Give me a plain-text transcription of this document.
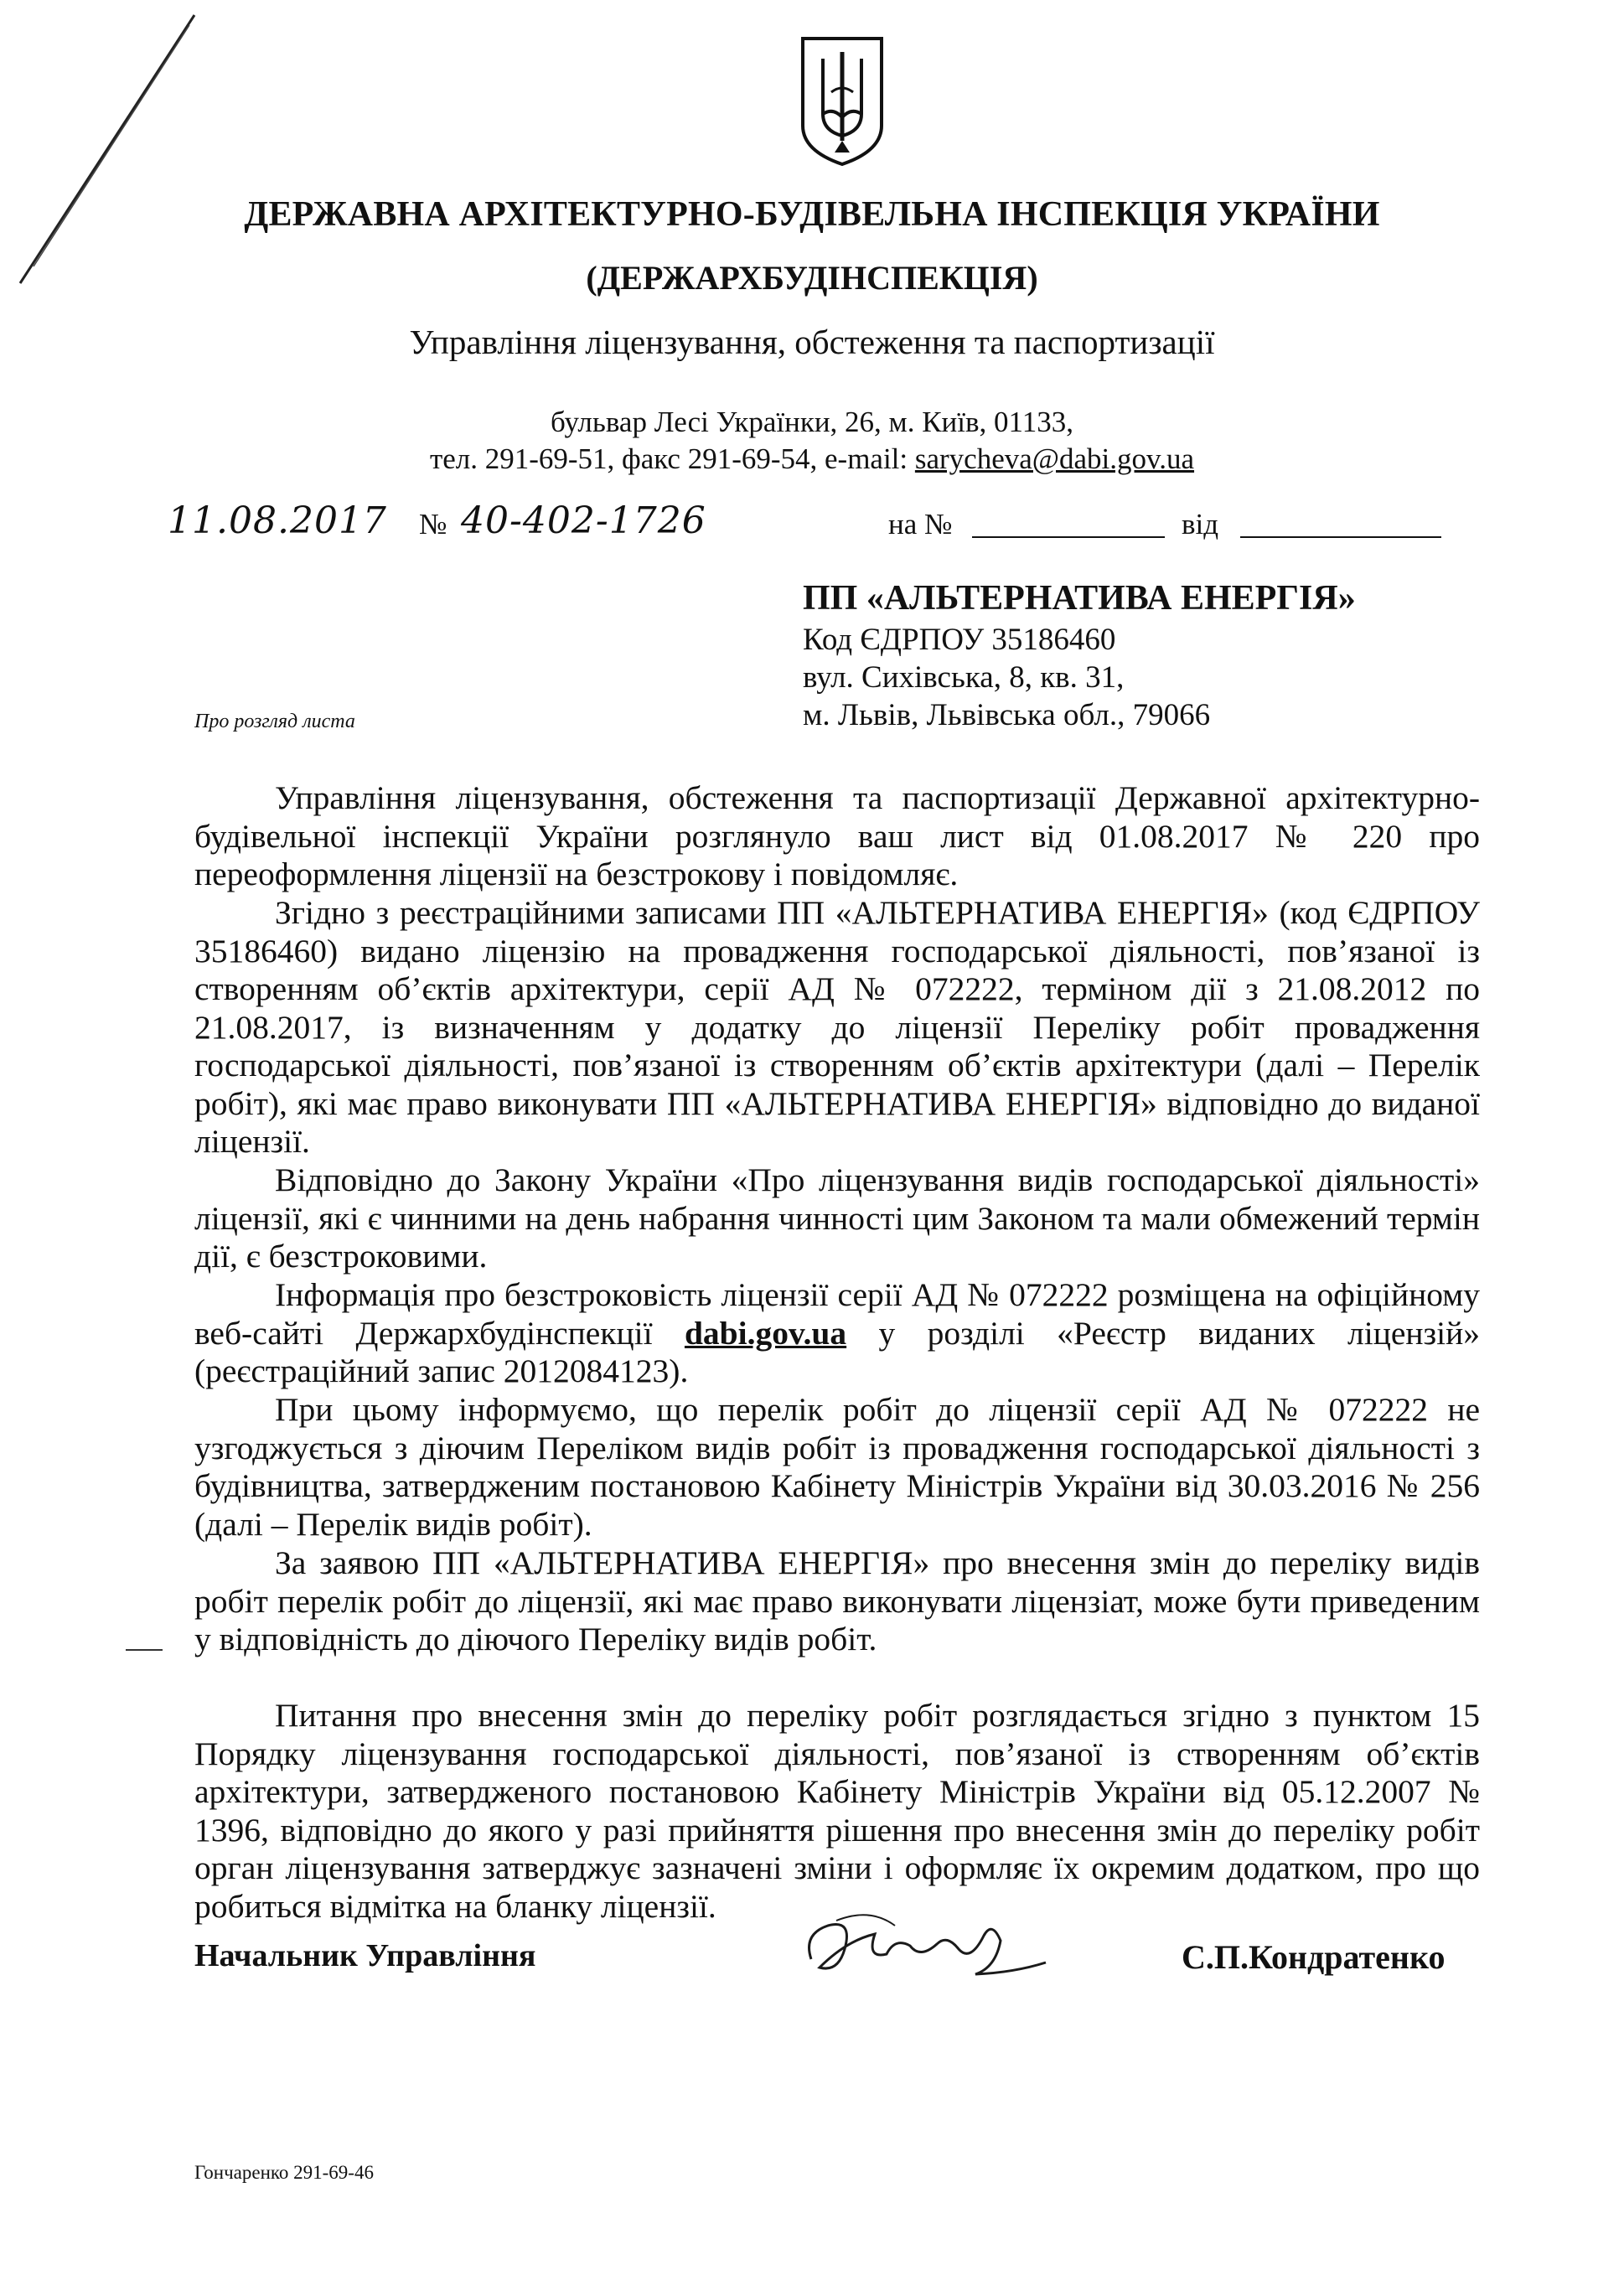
ДЕРЖАВНА АРХІТЕКТУРНО-БУДІВЕЛЬНА ІНСПЕКЦІЯ УКРАЇНИ
(ДЕРЖАРХБУДІНСПЕКЦІЯ)
Управління ліцензування, обстеження та паспортизації
бульвар Лесі Українки, 26, м. Київ, 01133,
тел. 291-69-51, факс 291-69-54, e-mail: sarycheva@dabi.gov.ua
11.08.2017 № 40-402-1726	на №	від
ПП «АЛЬТЕРНАТИВА ЕНЕРГІЯ»
Код ЄДРПОУ 35186460
вул. Сихівська, 8, кв. 31,
м. Львів, Львівська обл., 79066
Про розгляд листа

Управління ліцензування, обстеження та паспортизації Державної архітектурно-будівельної інспекції України розглянуло ваш лист від 01.08.2017 № 220 про переоформлення ліцензії на безстрокову і повідомляє.

Згідно з реєстраційними записами ПП «АЛЬТЕРНАТИВА ЕНЕРГІЯ» (код ЄДРПОУ 35186460) видано ліцензію на провадження господарської діяльності, пов’язаної із створенням об’єктів архітектури, серії АД № 072222, терміном дії з 21.08.2012 по 21.08.2017, із визначенням у додатку до ліцензії Переліку робіт провадження господарської діяльності, пов’язаної із створенням об’єктів архітектури (далі – Перелік робіт), які має право виконувати ПП «АЛЬТЕРНАТИВА ЕНЕРГІЯ» відповідно до виданої ліцензії.

Відповідно до Закону України «Про ліцензування видів господарської діяльності» ліцензії, які є чинними на день набрання чинності цим Законом та мали обмежений термін дії, є безстроковими.

Інформація про безстроковість ліцензії серії АД № 072222 розміщена на офіційному веб-сайті Держархбудінспекції dabi.gov.ua у розділі «Реєстр виданих ліцензій» (реєстраційний запис 2012084123).

При цьому інформуємо, що перелік робіт до ліцензії серії АД № 072222 не узгоджується з діючим Переліком видів робіт із провадження господарської діяльності з будівництва, затвердженим постановою Кабінету Міністрів України від 30.03.2016 № 256 (далі – Перелік видів робіт).

За заявою ПП «АЛЬТЕРНАТИВА ЕНЕРГІЯ» про внесення змін до переліку видів робіт перелік робіт до ліцензії, які має право виконувати ліцензіат, може бути приведеним у відповідність до діючого Переліку видів робіт.

Питання про внесення змін до переліку робіт розглядається згідно з пунктом 15 Порядку ліцензування господарської діяльності, пов’язаної із створенням об’єктів архітектури, затвердженого постановою Кабінету Міністрів України від 05.12.2007 № 1396, відповідно до якого у разі прийняття рішення про внесення змін до переліку робіт орган ліцензування затверджує зазначені зміни і оформляє їх окремим додатком, про що робиться відмітка на бланку ліцензії.

Начальник Управління	С.П.Кондратенко
Гончаренко 291-69-46
